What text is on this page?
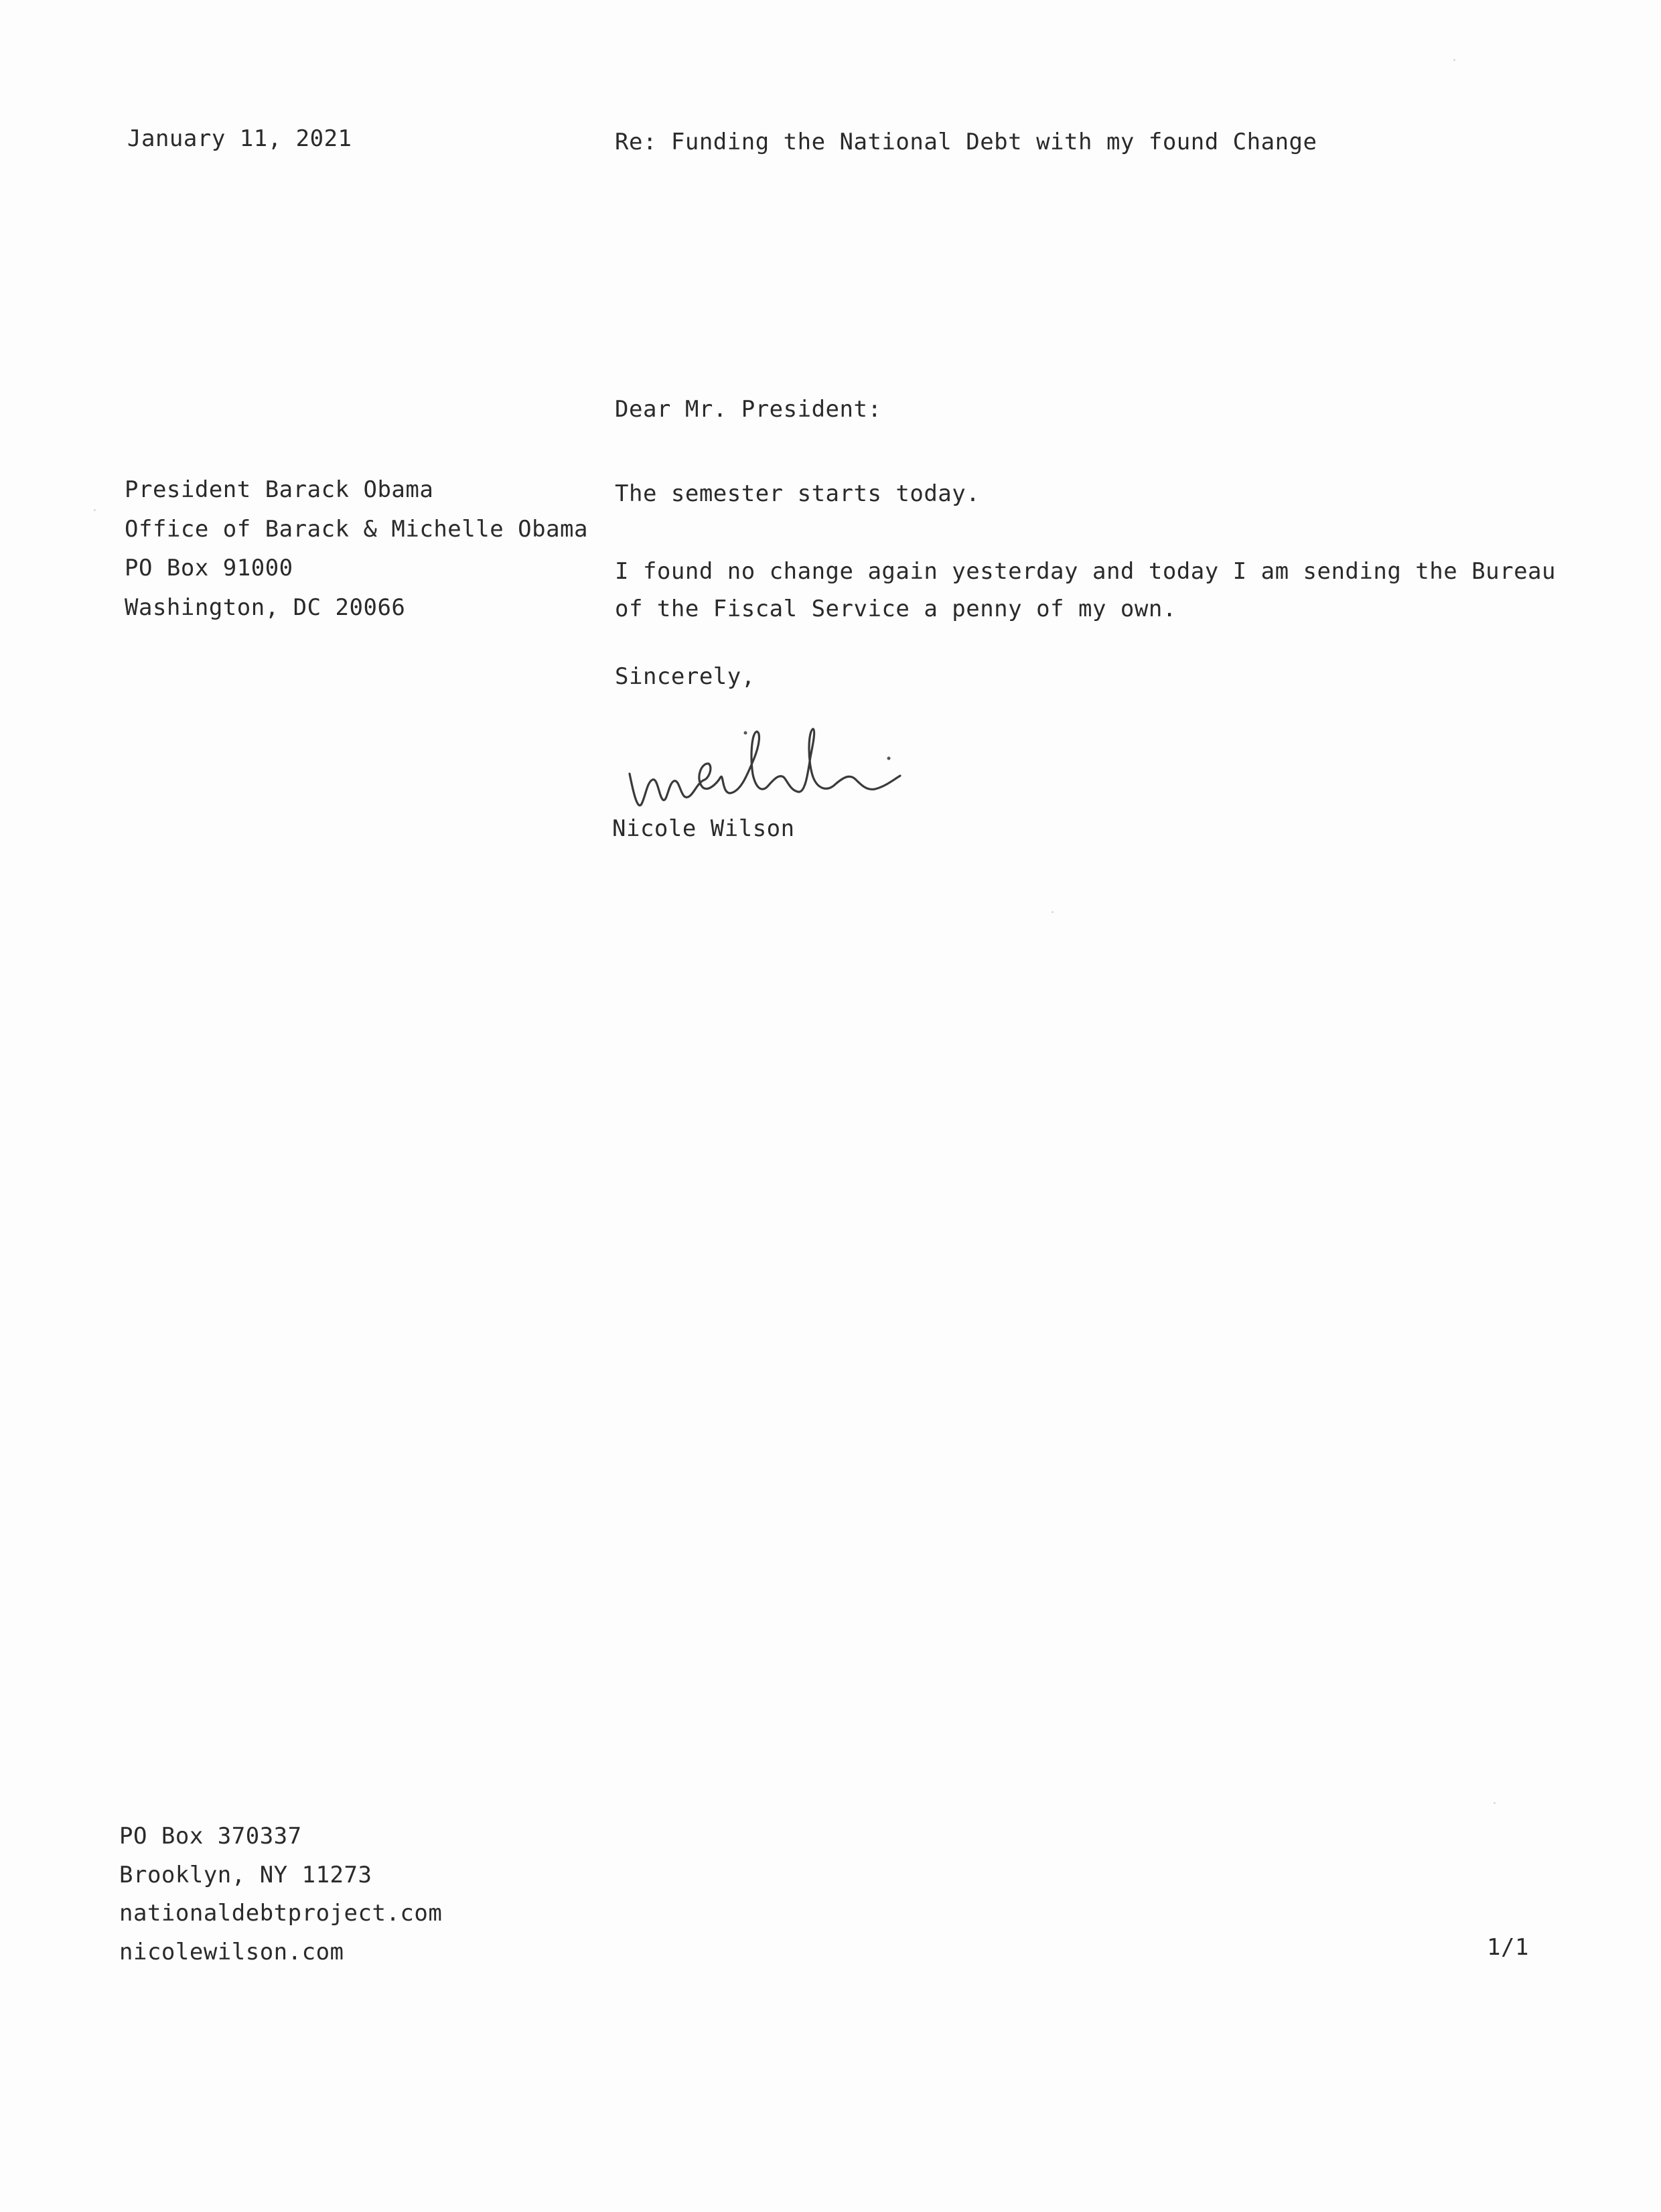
January 11, 2021	Re: Funding the National Debt with my found Change
Dear Mr. President:
President Barack Obama
Office of Barack & Michelle Obama
PO Box 91000
Washington, DC 20066
The semester starts today.
I found no change again yesterday and today I am sending the Bureau
of the Fiscal Service a penny of my own.
Sincerely,
Nicole Wilson
PO Box 370337
Brooklyn, NY 11273
nationaldebtproject.com
nicolewilson.com	1/1
